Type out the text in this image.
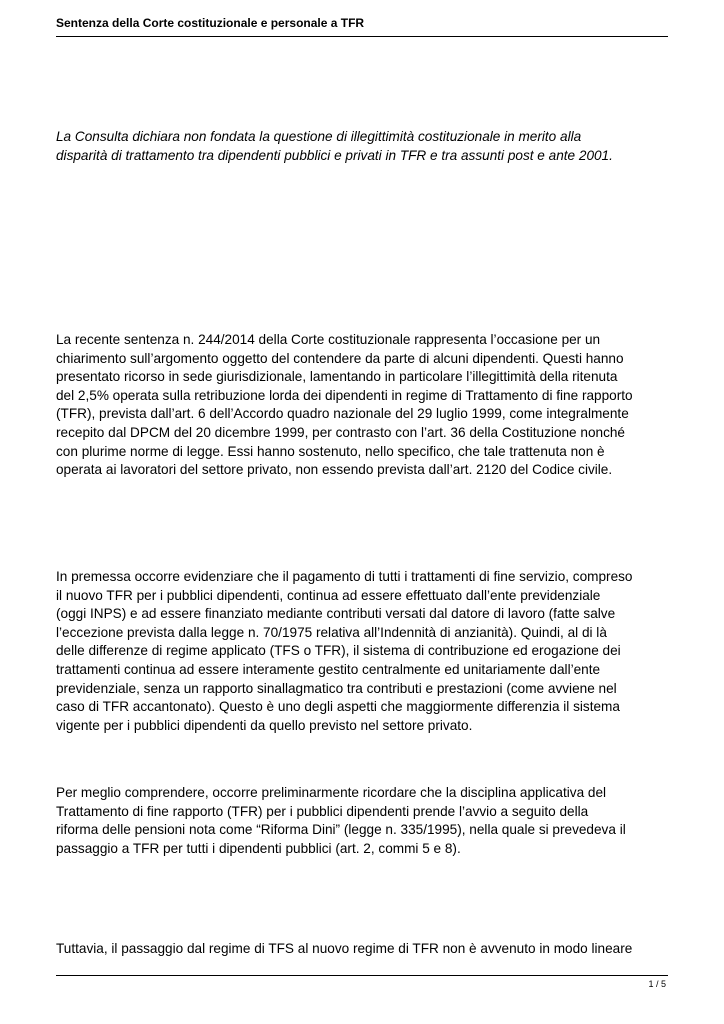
Sentenza della Corte costituzionale e personale a TFR

La Consulta dichiara non fondata la questione di illegittimità costituzionale in merito alla
disparità di trattamento tra dipendenti pubblici e privati in TFR e tra assunti post e ante 2001.

La recente sentenza n. 244/2014 della Corte costituzionale rappresenta l’occasione per un
chiarimento sull’argomento oggetto del contendere da parte di alcuni dipendenti. Questi hanno
presentato ricorso in sede giurisdizionale, lamentando in particolare l’illegittimità della ritenuta
del 2,5% operata sulla retribuzione lorda dei dipendenti in regime di Trattamento di fine rapporto
(TFR), prevista dall’art. 6 dell’Accordo quadro nazionale del 29 luglio 1999, come integralmente
recepito dal DPCM del 20 dicembre 1999, per contrasto con l’art. 36 della Costituzione nonché
con plurime norme di legge. Essi hanno sostenuto, nello specifico, che tale trattenuta non è
operata ai lavoratori del settore privato, non essendo prevista dall’art. 2120 del Codice civile.

In premessa occorre evidenziare che il pagamento di tutti i trattamenti di fine servizio, compreso
il nuovo TFR per i pubblici dipendenti, continua ad essere effettuato dall’ente previdenziale
(oggi INPS) e ad essere finanziato mediante contributi versati dal datore di lavoro (fatte salve
l’eccezione prevista dalla legge n. 70/1975 relativa all’Indennità di anzianità). Quindi, al di là
delle differenze di regime applicato (TFS o TFR), il sistema di contribuzione ed erogazione dei
trattamenti continua ad essere interamente gestito centralmente ed unitariamente dall’ente
previdenziale, senza un rapporto sinallagmatico tra contributi e prestazioni (come avviene nel
caso di TFR accantonato). Questo è uno degli aspetti che maggiormente differenzia il sistema
vigente per i pubblici dipendenti da quello previsto nel settore privato.

Per meglio comprendere, occorre preliminarmente ricordare che la disciplina applicativa del
Trattamento di fine rapporto (TFR) per i pubblici dipendenti prende l’avvio a seguito della
riforma delle pensioni nota come “Riforma Dini” (legge n. 335/1995), nella quale si prevedeva il
passaggio a TFR per tutti i dipendenti pubblici (art. 2, commi 5 e 8).

Tuttavia, il passaggio dal regime di TFS al nuovo regime di TFR non è avvenuto in modo lineare

1 / 5
